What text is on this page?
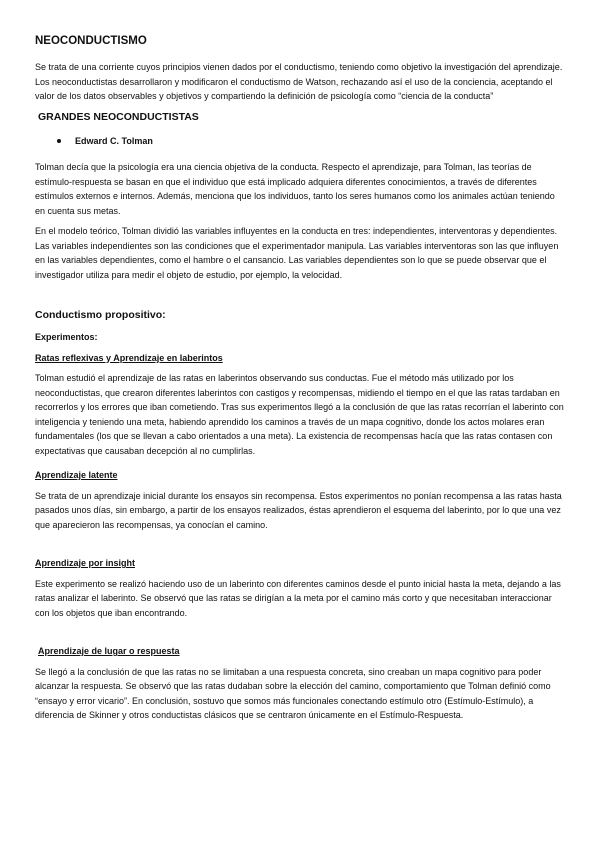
NEOCONDUCTISMO

Se trata de una corriente cuyos principios vienen dados por el conductismo, teniendo como objetivo la investigación del aprendizaje. Los neoconductistas desarrollaron y modificaron el conductismo de Watson, rechazando así el uso de la conciencia, aceptando el valor de los datos observables y objetivos y compartiendo la definición de psicología como “ciencia de la conducta”

GRANDES NEOCONDUCTISTAS
Edward C. Tolman

Tolman decía que la psicología era una ciencia objetiva de la conducta. Respecto el aprendizaje, para Tolman, las teorías de estímulo-respuesta se basan en que el individuo que está implicado adquiera diferentes conocimientos, a través de diferentes estímulos externos e internos. Además, menciona que los individuos, tanto los seres humanos como los animales actúan teniendo en cuenta sus metas.

En el modelo teórico, Tolman dividió las variables influyentes en la conducta en tres: independientes, interventoras y dependientes. Las variables independientes son las condiciones que el experimentador manipula. Las variables interventoras son las que influyen en las variables dependientes, como el hambre o el cansancio. Las variables dependientes son lo que se puede observar que el investigador utiliza para medir el objeto de estudio, por ejemplo, la velocidad.

Conductismo propositivo:

Experimentos:

Ratas reflexivas y Aprendizaje en laberintos

Tolman estudió el aprendizaje de las ratas en laberintos observando sus conductas. Fue el método más utilizado por los neoconductistas, que crearon diferentes laberintos con castigos y recompensas, midiendo el tiempo en el que las ratas tardaban en recorrerlos y los errores que iban cometiendo. Tras sus experimentos llegó a la conclusión de que las ratas recorrían el laberinto con inteligencia y teniendo una meta, habiendo aprendido los caminos a través de un mapa cognitivo, donde los actos molares eran fundamentales (los que se llevan a cabo orientados a una meta). La existencia de recompensas hacía que las ratas contasen con expectativas que causaban decepción al no cumplirlas.

Aprendizaje latente

Se trata de un aprendizaje inicial durante los ensayos sin recompensa. Estos experimentos no ponían recompensa a las ratas hasta pasados unos días, sin embargo, a partir de los ensayos realizados, éstas aprendieron el esquema del laberinto, por lo que una vez que aparecieron las recompensas, ya conocían el camino.

Aprendizaje por insight

Este experimento se realizó haciendo uso de un laberinto con diferentes caminos desde el punto inicial hasta la meta, dejando a las ratas analizar el laberinto. Se observó que las ratas se dirigían a la meta por el camino más corto y que necesitaban interaccionar con los objetos que iban encontrando.

Aprendizaje de lugar o respuesta

Se llegó a la conclusión de que las ratas no se limitaban a una respuesta concreta, sino creaban un mapa cognitivo para poder alcanzar la respuesta. Se observó que las ratas dudaban sobre la elección del camino, comportamiento que Tolman definió como “ensayo y error vicario”. En conclusión, sostuvo que somos más funcionales conectando estímulo otro (Estímulo-Estímulo), a diferencia de Skinner y otros conductistas clásicos que se centraron únicamente en el Estímulo-Respuesta.
